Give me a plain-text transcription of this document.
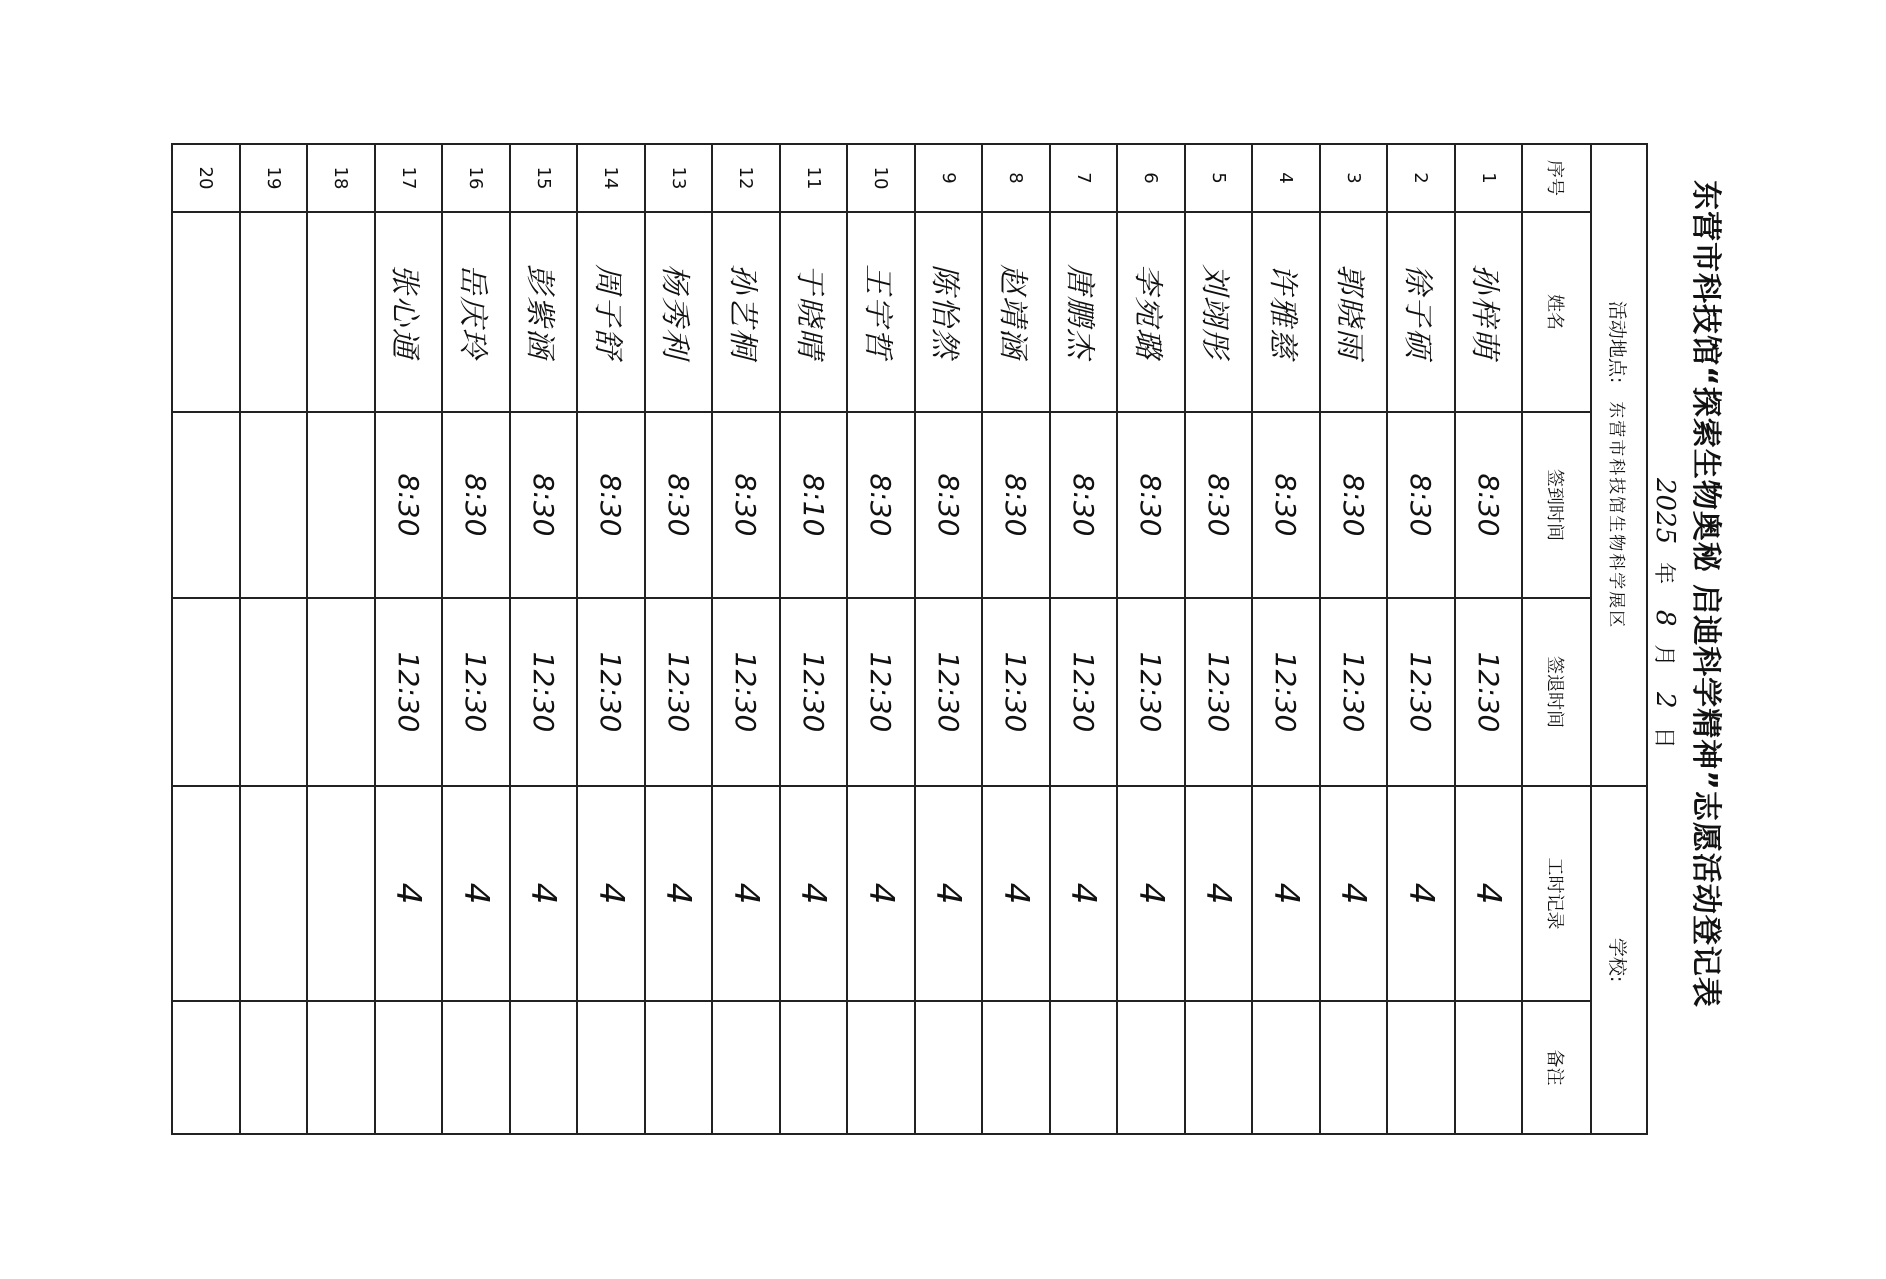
东营市科技馆“探索生物奥秘 启迪科学精神”志愿活动登记表
2025年 8月 2日
活动地点:东营市科技馆生物科学展区				学校:	
序号	姓名	签到时间	签退时间	工时记录	备注
1	孙梓萌	8:30	12:30	4	
2	徐子硕	8:30	12:30	4	
3	郭晓雨	8:30	12:30	4	
4	许雅慈	8:30	12:30	4	
5	刘翊彤	8:30	12:30	4	
6	李宛璐	8:30	12:30	4	
7	唐鹏杰	8:30	12:30	4	
8	赵靖涵	8:30	12:30	4	
9	陈怡然	8:30	12:30	4	
10	王宇哲	8:30	12:30	4	
11	于晓晴	8:10	12:30	4	
12	孙艺桐	8:30	12:30	4	
13	杨秀利	8:30	12:30	4	
14	周子舒	8:30	12:30	4	
15	彭紫涵	8:30	12:30	4	
16	岳庆玲	8:30	12:30	4	
17	张心通	8:30	12:30	4	
18					
19					
20					
